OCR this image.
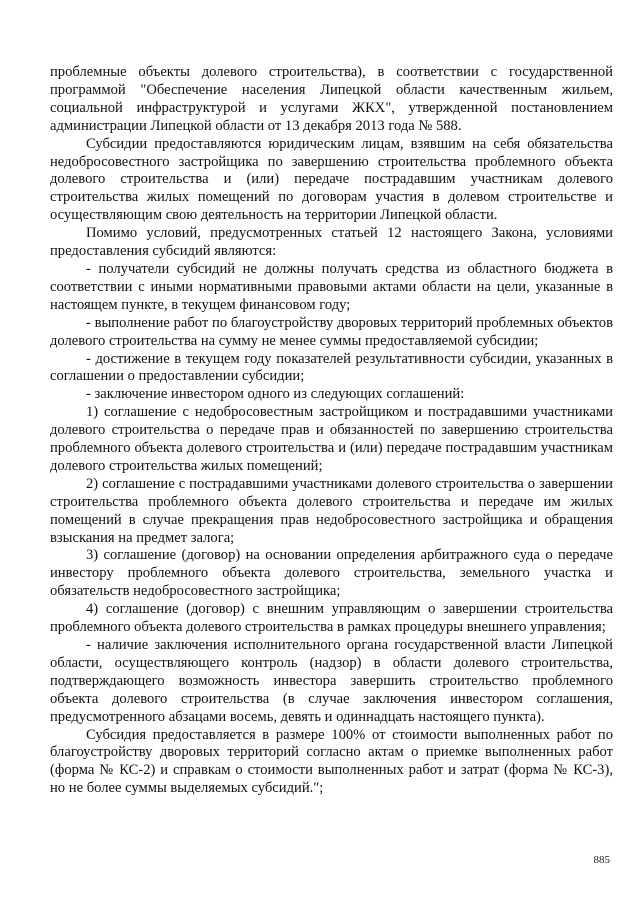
проблемные объекты долевого строительства), в соответствии с государственной программой "Обеспечение населения Липецкой области качественным жильем, социальной инфраструктурой и услугами ЖКХ", утвержденной постановлением администрации Липецкой области от 13 декабря 2013 года № 588.

Субсидии предоставляются юридическим лицам, взявшим на себя обязательства недобросовестного застройщика по завершению строительства проблемного объекта долевого строительства и (или) передаче пострадавшим участникам долевого строительства жилых помещений по договорам участия в долевом строительстве и осуществляющим свою деятельность на территории Липецкой области.

Помимо условий, предусмотренных статьей 12 настоящего Закона, условиями предоставления субсидий являются:

- получатели субсидий не должны получать средства из областного бюджета в соответствии с иными нормативными правовыми актами области на цели, указанные в настоящем пункте, в текущем финансовом году;

- выполнение работ по благоустройству дворовых территорий проблемных объектов долевого строительства на сумму не менее суммы предоставляемой субсидии;

- достижение в текущем году показателей результативности субсидии, указанных в соглашении о предоставлении субсидии;

- заключение инвестором одного из следующих соглашений:

1) соглашение с недобросовестным застройщиком и пострадавшими участниками долевого строительства о передаче прав и обязанностей по завершению строительства проблемного объекта долевого строительства и (или) передаче пострадавшим участникам долевого строительства жилых помещений;

2) соглашение с пострадавшими участниками долевого строительства о завершении строительства проблемного объекта долевого строительства и передаче им жилых помещений в случае прекращения прав недобросовестного застройщика и обращения взыскания на предмет залога;

3) соглашение (договор) на основании определения арбитражного суда о передаче инвестору проблемного объекта долевого строительства, земельного участка и обязательств недобросовестного застройщика;

4) соглашение (договор) с внешним управляющим о завершении строительства проблемного объекта долевого строительства в рамках процедуры внешнего управления;

- наличие заключения исполнительного органа государственной власти Липецкой области, осуществляющего контроль (надзор) в области долевого строительства, подтверждающего возможность инвестора завершить строительство проблемного объекта долевого строительства (в случае заключения инвестором соглашения, предусмотренного абзацами восемь, девять и одиннадцать настоящего пункта).

Субсидия предоставляется в размере 100% от стоимости выполненных работ по благоустройству дворовых территорий согласно актам о приемке выполненных работ (форма № КС-2) и справкам о стоимости выполненных работ и затрат (форма № КС-3), но не более суммы выделяемых субсидий.";

885
